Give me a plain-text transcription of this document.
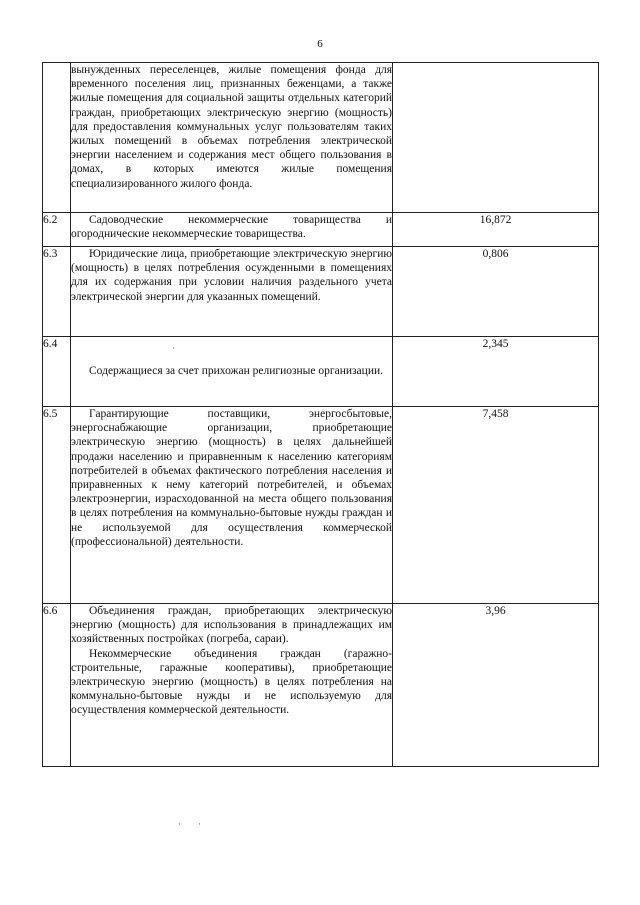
6

	вынужденных переселенцев, жилые помещения фонда для временного поселения лиц, признанных беженцами, а также жилые помещения для социальной защиты отдельных категорий граждан, приобретающих электрическую энергию (мощность) для предоставления коммунальных услуг пользователям таких жилых помещений в объемах потребления электрической энергии населением и содержания мест общего пользования в домах, в которых имеются жилые помещения специализированного жилого фонда.	

6.2	Садоводческие некоммерческие товарищества и огороднические некоммерческие товарищества.	16,872
6.3	Юридические лица, приобретающие электрическую энергию (мощность) в целях потребления осужденными в помещениях для их содержания при условии наличия раздельного учета электрической энергии для указанных помещений.	0,806
6.4	Содержащиеся за счет прихожан религиозные организации.	2,345
6.5	Гарантирующие поставщики, энергосбытовые, энергоснабжающие организации, приобретающие электрическую энергию (мощность) в целях дальнейшей продажи населению и приравненным к населению категориям потребителей в объемах фактического потребления населения и приравненных к нему категорий потребителей, и объемах электроэнергии, израсходованной на места общего пользования в целях потребления на коммунально-бытовые нужды граждан и не используемой для осуществления коммерческой (профессиональной) деятельности.	7,458
6.6	Объединения граждан, приобретающих электрическую энергию (мощность) для использования в принадлежащих им хозяйственных постройках (погреба, сараи).

Некоммерческие объединения граждан (гаражно-строительные, гаражные кооперативы), приобретающие электрическую энергию (мощность) в целях потребления на коммунально-бытовые нужды и не используемую для осуществления коммерческой деятельности.	3,96
·
· ·
